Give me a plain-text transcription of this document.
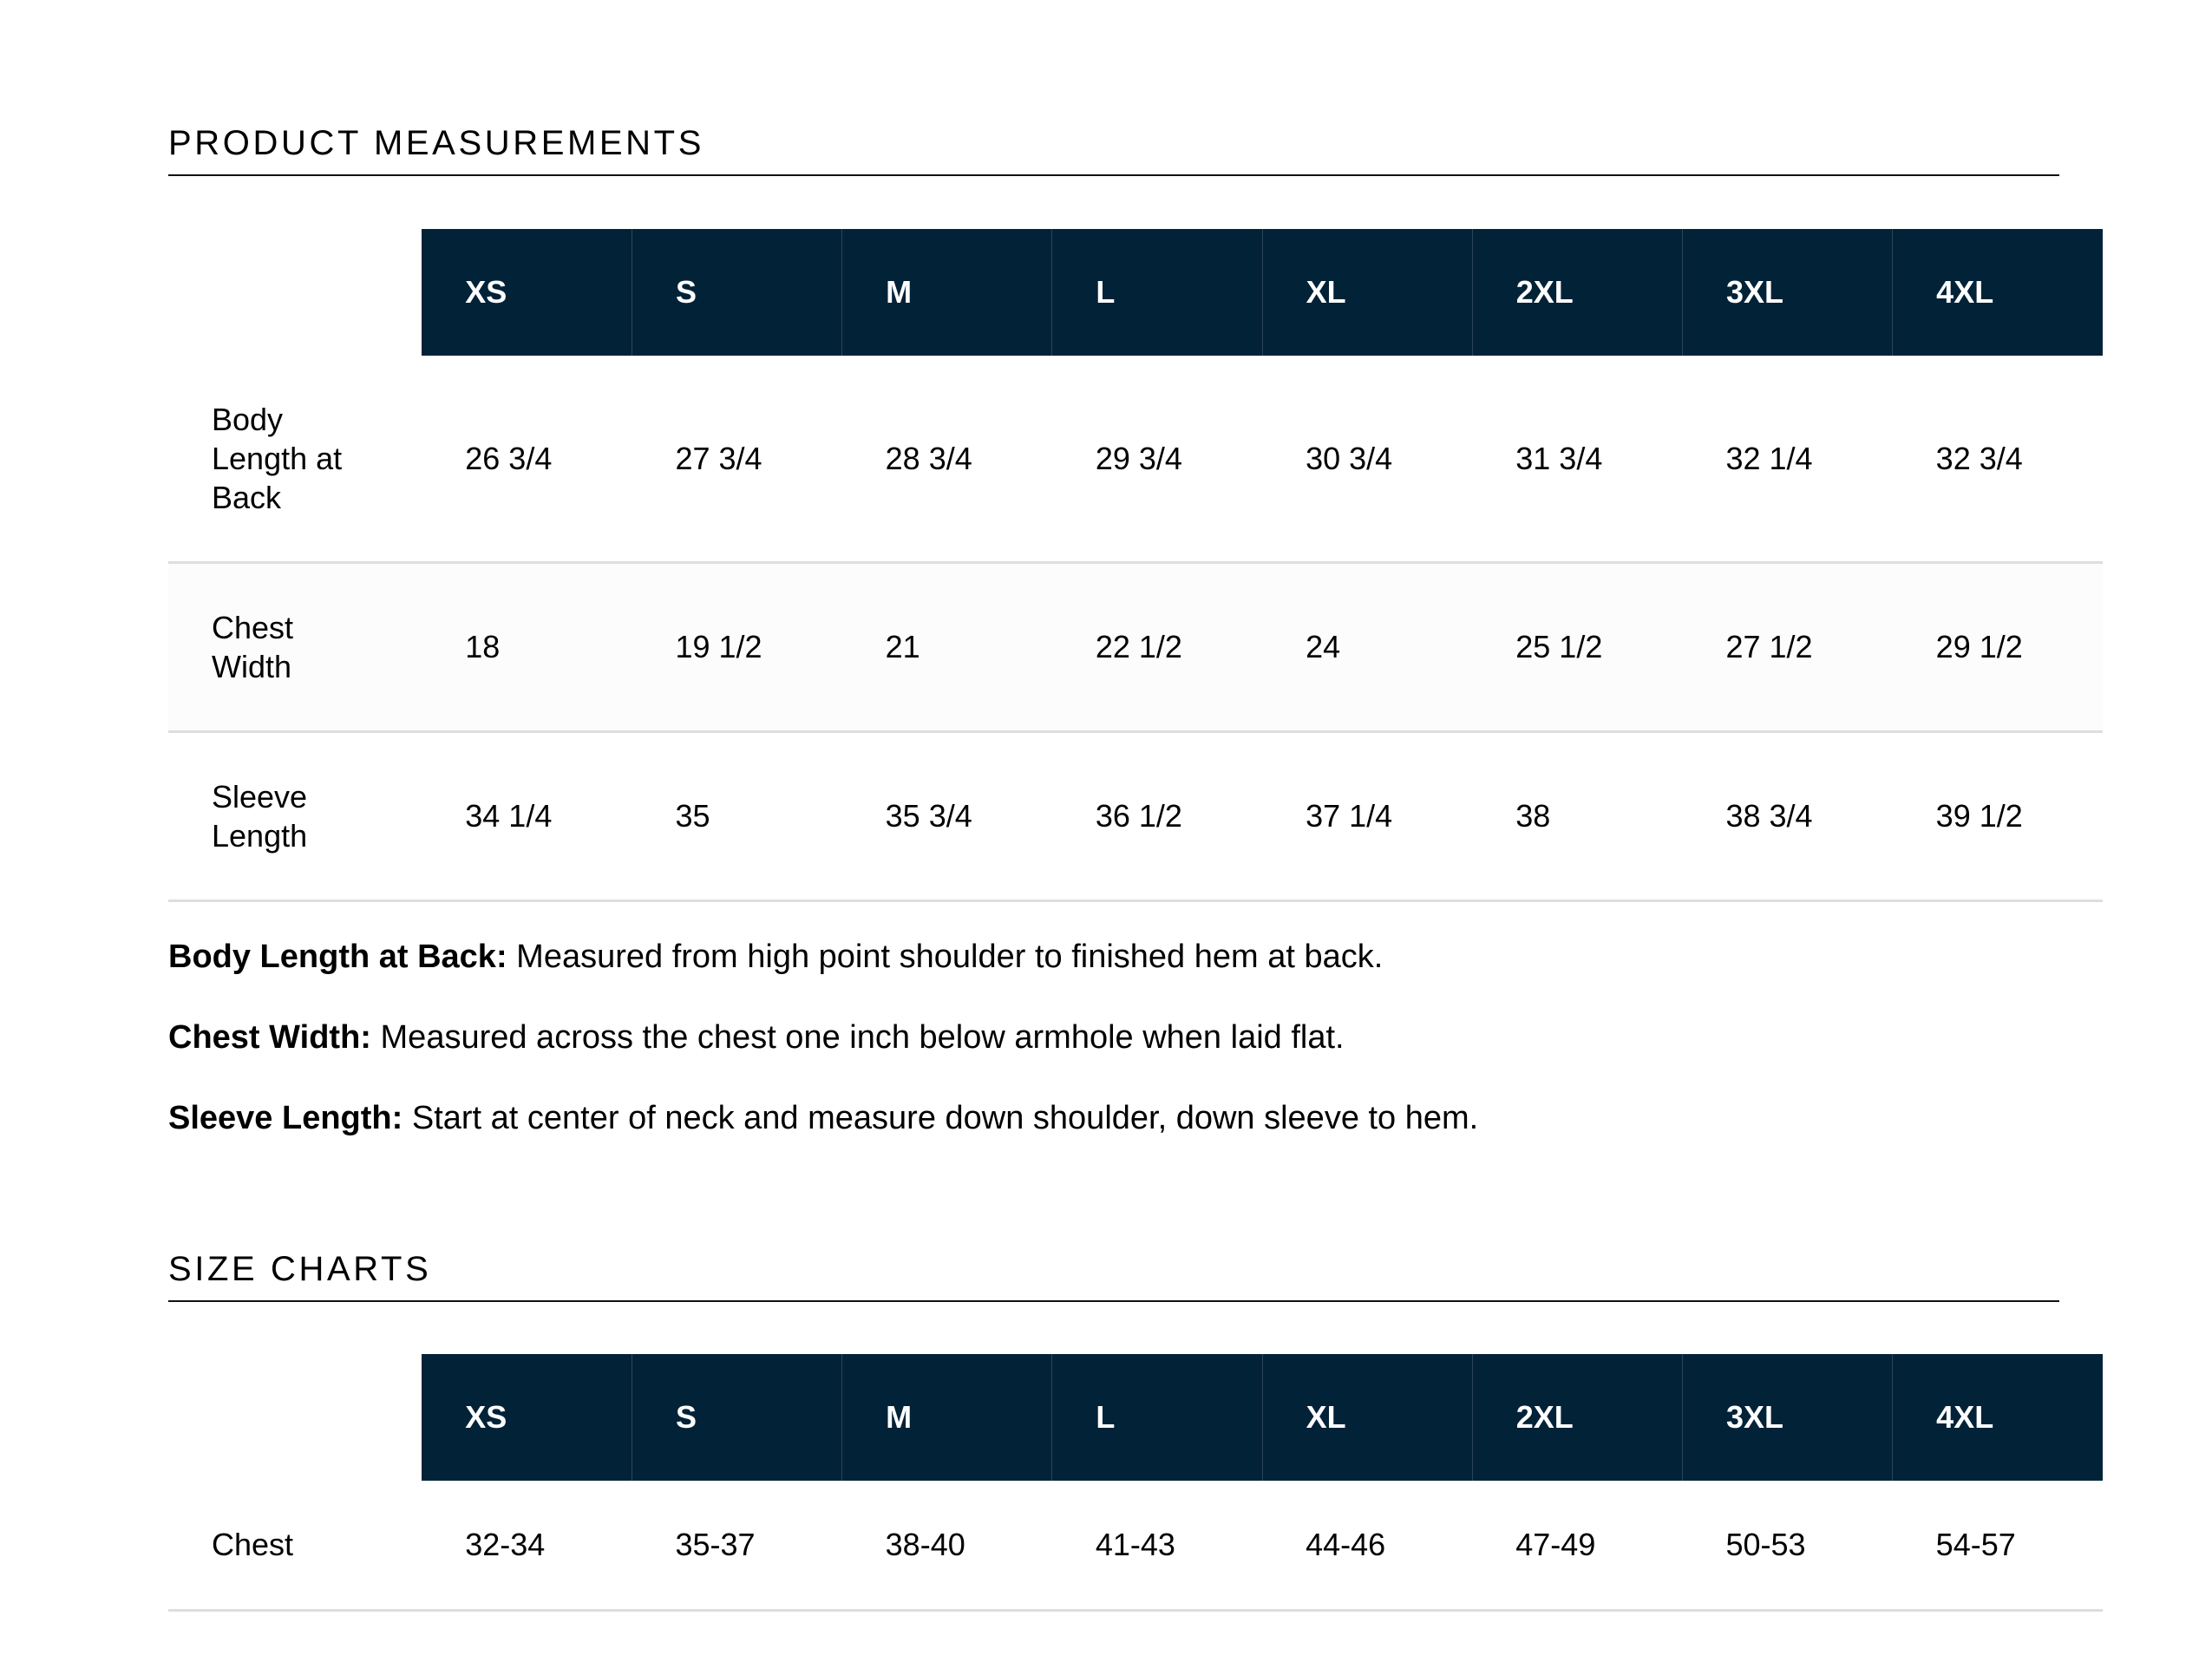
PRODUCT MEASUREMENTS
	XS	S	M	L	XL	2XL	3XL	4XL
Body Length at Back	26 3/4	27 3/4	28 3/4	29 3/4	30 3/4	31 3/4	32 1/4	32 3/4
Chest Width	18	19 1/2	21	22 1/2	24	25 1/2	27 1/2	29 1/2
Sleeve Length	34 1/4	35	35 3/4	36 1/2	37 1/4	38	38 3/4	39 1/2

Body Length at Back: Measured from high point shoulder to finished hem at back.

Chest Width: Measured across the chest one inch below armhole when laid flat.

Sleeve Length: Start at center of neck and measure down shoulder, down sleeve to hem.

SIZE CHARTS
	XS	S	M	L	XL	2XL	3XL	4XL
Chest	32-34	35-37	38-40	41-43	44-46	47-49	50-53	54-57
